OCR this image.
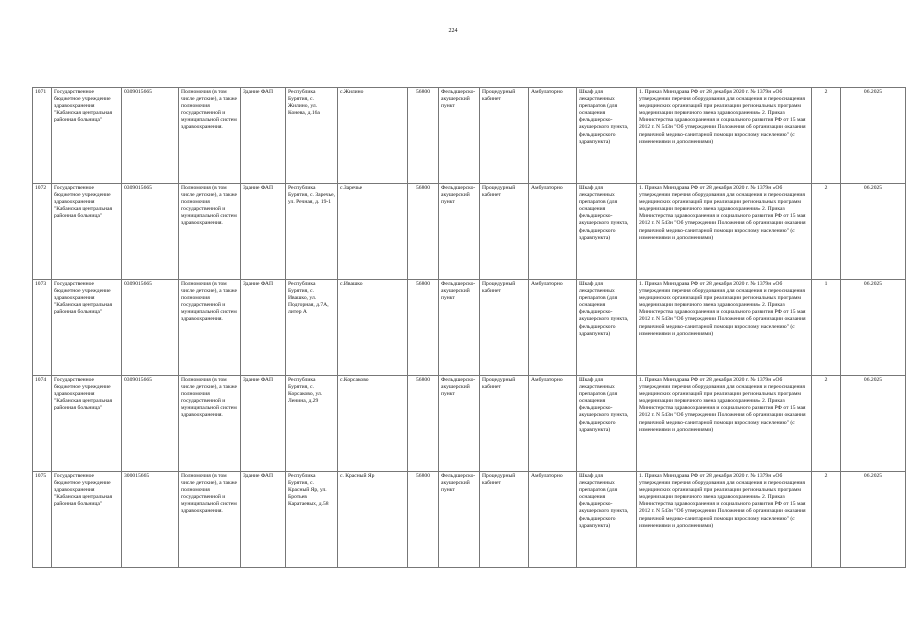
224
1071	Государственное бюджетное учреждение здравоохранения "Кабанская центральная районная больница"	0309015665	Полномочия (в том числе детские), а также полномочия государственной и муниципальной систем здравоохранения.	Здание ФАП	Республика Бурятия, с. Жилино, ул. Конева, д.16а	с.Жилино	56800	Фельдшерско-акушерский пункт	Процедурный кабинет	Амбулаторно	Шкаф для лекарственных препаратов (для оснащения фельдшерско-акушерского пункта, фельдшерского здравпункта)	1. Приказ Минздрава РФ от 28 декабря 2020 г. № 1379н «Об утверждении перечня оборудования для оснащения и переоснащения медицинских организаций при реализации региональных программ модернизации первичного звена здравоохранения» 2. Приказ Министерства здравоохранения и социального развития РФ от 15 мая 2012 г. N 543н "Об утверждении Положения об организации оказания первичной медико-санитарной помощи взрослому населению" (с изменениями и дополнениями)	2	06.2025
1072	Государственное бюджетное учреждение здравоохранения "Кабанская центральная районная больница"	0309015665	Полномочия (в том числе детские), а также полномочия государственной и муниципальной систем здравоохранения.	Здание ФАП	Республика Бурятия, с. Заречье, ул. Речная, д. 19-1	с.Заречье	56800	Фельдшерско-акушерский пункт	Процедурный кабинет	Амбулаторно	Шкаф для лекарственных препаратов (для оснащения фельдшерско-акушерского пункта, фельдшерского здравпункта)	1. Приказ Минздрава РФ от 28 декабря 2020 г. № 1379н «Об утверждении перечня оборудования для оснащения и переоснащения медицинских организаций при реализации региональных программ модернизации первичного звена здравоохранения» 2. Приказ Министерства здравоохранения и социального развития РФ от 15 мая 2012 г. N 543н "Об утверждении Положения об организации оказания первичной медико-санитарной помощи взрослому населению" (с изменениями и дополнениями)	2	06.2025
1073	Государственное бюджетное учреждение здравоохранения "Кабанская центральная районная больница"	0309015665	Полномочия (в том числе детские), а также полномочия государственной и муниципальной систем здравоохранения.	Здание ФАП	Республика Бурятия, с. Ивашко, ул. Подгорная, д.7А, литер А	с.Ивашко	56800	Фельдшерско-акушерский пункт	Процедурный кабинет	Амбулаторно	Шкаф для лекарственных препаратов (для оснащения фельдшерско-акушерского пункта, фельдшерского здравпункта)	1. Приказ Минздрава РФ от 28 декабря 2020 г. № 1379н «Об утверждении перечня оборудования для оснащения и переоснащения медицинских организаций при реализации региональных программ модернизации первичного звена здравоохранения» 2. Приказ Министерства здравоохранения и социального развития РФ от 15 мая 2012 г. N 543н "Об утверждении Положения об организации оказания первичной медико-санитарной помощи взрослому населению" (с изменениями и дополнениями)	1	06.2025
1074	Государственное бюджетное учреждение здравоохранения "Кабанская центральная районная больница"	0309015665	Полномочия (в том числе детские), а также полномочия государственной и муниципальной систем здравоохранения.	Здание ФАП	Республика Бурятия, с. Корсаково, ул. Ленина, д.29	с.Корсаково	56800	Фельдшерско-акушерский пункт	Процедурный кабинет	Амбулаторно	Шкаф для лекарственных препаратов (для оснащения фельдшерско-акушерского пункта, фельдшерского здравпункта)	1. Приказ Минздрава РФ от 28 декабря 2020 г. № 1379н «Об утверждении перечня оборудования для оснащения и переоснащения медицинских организаций при реализации региональных программ модернизации первичного звена здравоохранения» 2. Приказ Министерства здравоохранения и социального развития РФ от 15 мая 2012 г. N 543н "Об утверждении Положения об организации оказания первичной медико-санитарной помощи взрослому населению" (с изменениями и дополнениями)	2	06.2025
1075	Государственное бюджетное учреждение здравоохранения "Кабанская центральная районная больница"	300015665	Полномочия (в том числе детские), а также полномочия государственной и муниципальной систем здравоохранения.	Здание ФАП	Республика Бурятия, с. Красный Яр, ул. Бротьев Каратаевых, д.58	с. Красный Яр	56800	Фельдшерско-акушерский пункт	Процедурный кабинет	Амбулаторно	Шкаф для лекарственных препаратов (для оснащения фельдшерско-акушерского пункта, фельдшерского здравпункта)	1. Приказ Минздрава РФ от 28 декабря 2020 г. № 1379н «Об утверждении перечня оборудования для оснащения и переоснащения медицинских организаций при реализации региональных программ модернизации первичного звена здравоохранения» 2. Приказ Министерства здравоохранения и социального развития РФ от 15 мая 2012 г. N 543н "Об утверждении Положения об организации оказания первичной медико-санитарной помощи взрослому населению" (с изменениями и дополнениями)	2	06.2025
